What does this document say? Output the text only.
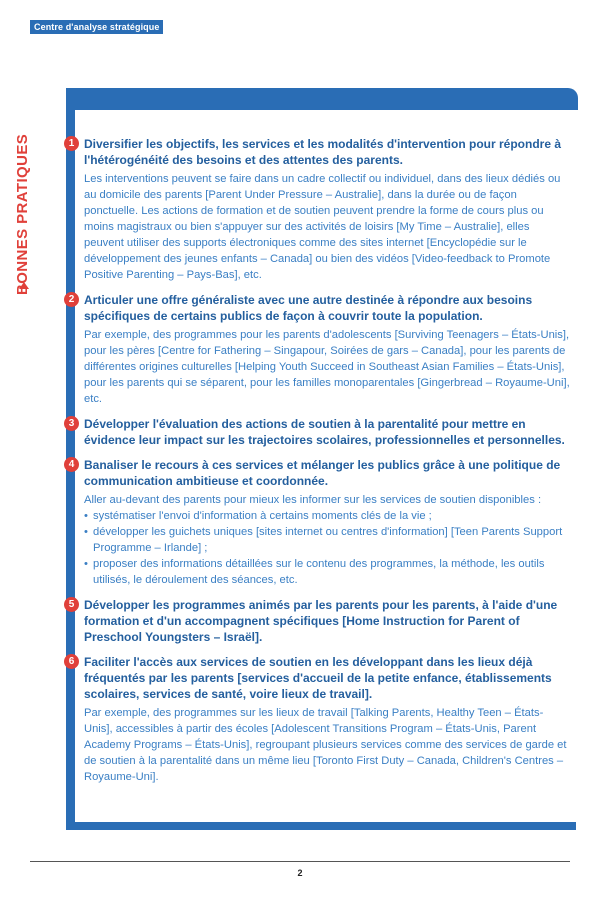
Centre d'analyse stratégique
BONNES PRATIQUES	1 Diversifier les objectifs, les services et les modalités d'intervention pour répondre à l'hétérogénéité des besoins et des attentes des parents.
Les interventions peuvent se faire dans un cadre collectif ou individuel, dans des lieux dédiés ou au domicile des parents [Parent Under Pressure – Australie], dans la durée ou de façon ponctuelle. Les actions de formation et de soutien peuvent prendre la forme de cours plus ou moins magistraux ou bien s'appuyer sur des activités de loisirs [My Time – Australie], elles peuvent utiliser des supports électroniques comme des sites internet [Encyclopédie sur le développement des jeunes enfants – Canada] ou bien des vidéos [Video-feedback to Promote Positive Parenting – Pays-Bas], etc.
2 Articuler une offre généraliste avec une autre destinée à répondre aux besoins spécifiques de certains publics de façon à couvrir toute la population.
Par exemple, des programmes pour les parents d'adolescents [Surviving Teenagers – États-Unis], pour les pères [Centre for Fathering – Singapour, Soirées de gars – Canada], pour les parents de différentes origines culturelles [Helping Youth Succeed in Southeast Asian Families – États-Unis], pour les parents qui se séparent, pour les familles monoparentales [Gingerbread – Royaume-Uni], etc.
3 Développer l'évaluation des actions de soutien à la parentalité pour mettre en évidence leur impact sur les trajectoires scolaires, professionnelles et personnelles.
4 Banaliser le recours à ces services et mélanger les publics grâce à une politique de communication ambitieuse et coordonnée.
Aller au-devant des parents pour mieux les informer sur les services de soutien disponibles :
• systématiser l'envoi d'information à certains moments clés de la vie ;
• développer les guichets uniques [sites internet ou centres d'information] [Teen Parents Support Programme – Irlande] ;
• proposer des informations détaillées sur le contenu des programmes, la méthode, les outils utilisés, le déroulement des séances, etc.
5 Développer les programmes animés par les parents pour les parents, à l'aide d'une formation et d'un accompagnent spécifiques [Home Instruction for Parent of Preschool Youngsters – Israël].
6 Faciliter l'accès aux services de soutien en les développant dans les lieux déjà fréquentés par les parents [services d'accueil de la petite enfance, établissements scolaires, services de santé, voire lieux de travail].
Par exemple, des programmes sur les lieux de travail [Talking Parents, Healthy Teen – États-Unis], accessibles à partir des écoles [Adolescent Transitions Program – États-Unis, Parent Academy Programs – États-Unis], regroupant plusieurs services comme des services de garde et de soutien à la parentalité dans un même lieu [Toronto First Duty – Canada, Children's Centres – Royaume-Uni].
2
